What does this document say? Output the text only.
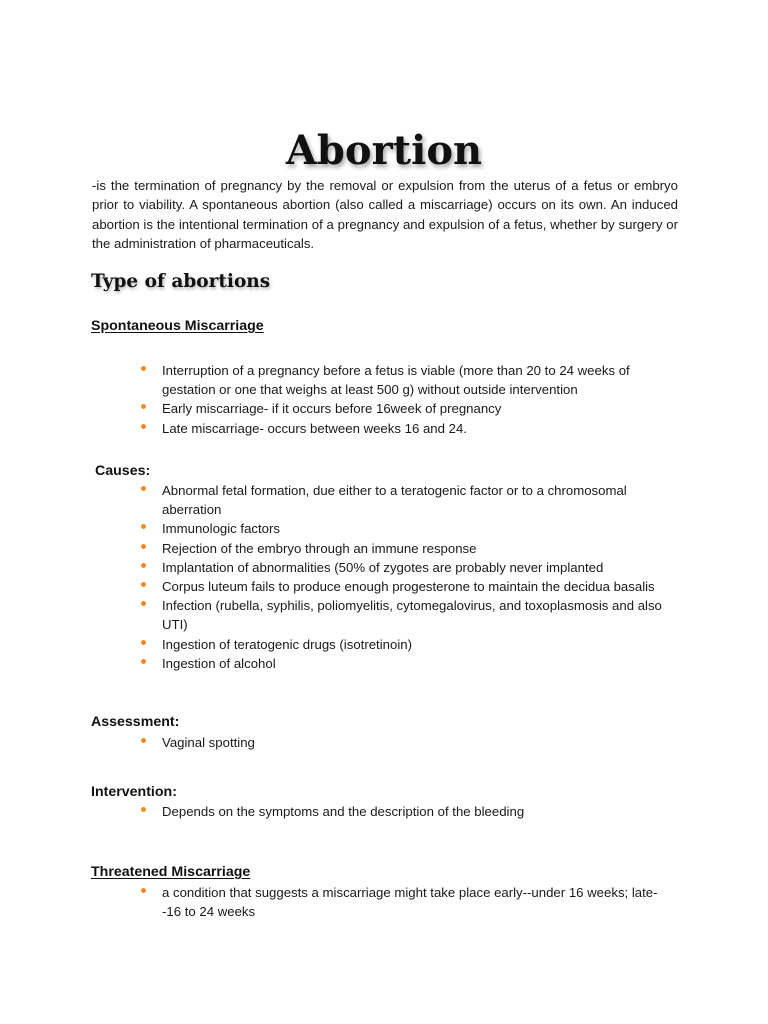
Abortion

-is the termination of pregnancy by the removal or expulsion from the uterus of a fetus or embryo prior to viability. A spontaneous abortion (also called a miscarriage) occurs on its own. An induced abortion is the intentional termination of a pregnancy and expulsion of a fetus, whether by surgery or the administration of pharmaceuticals.

Type of abortions
Spontaneous Miscarriage
Interruption of a pregnancy before a fetus is viable (more than 20 to 24 weeks of gestation or one that weighs at least 500 g) without outside intervention
Early miscarriage- if it occurs before 16week of pregnancy
Late miscarriage- occurs between weeks 16 and 24.
Causes:
Abnormal fetal formation, due either to a teratogenic factor or to a chromosomal aberration
Immunologic factors
Rejection of the embryo through an immune response
Implantation of abnormalities (50% of zygotes are probably never implanted
Corpus luteum fails to produce enough progesterone to maintain the decidua basalis
Infection (rubella, syphilis, poliomyelitis, cytomegalovirus, and toxoplasmosis and also UTI)
Ingestion of teratogenic drugs (isotretinoin)
Ingestion of alcohol
Assessment:
Vaginal spotting
Intervention:
Depends on the symptoms and the description of the bleeding
Threatened Miscarriage
a condition that suggests a miscarriage might take place early--under 16 weeks; late--16 to 24 weeks
